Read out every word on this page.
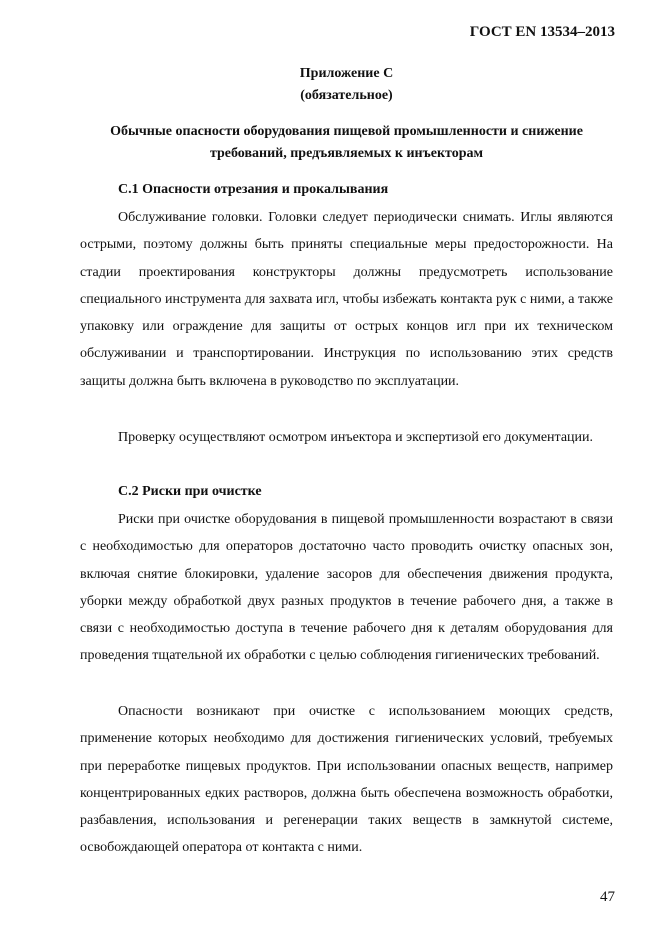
ГОСТ EN 13534–2013
Приложение С
(обязательное)
Обычные опасности оборудования пищевой промышленности и снижение
требований, предъявляемых к инъекторам
С.1 Опасности отрезания и прокалывания

Обслуживание головки. Головки следует периодически снимать. Иглы являются острыми, поэтому должны быть приняты специальные меры предосторожности. На стадии проектирования конструкторы должны предусмотреть использование специального инструмента для захвата игл, чтобы избежать контакта рук с ними, а также упаковку или ограждение для защиты от острых концов игл при их техническом обслуживании и транспортировании. Инструкция по использованию этих средств защиты должна быть включена в руководство по эксплуатации.

Проверку осуществляют осмотром инъектора и экспертизой его документации.

С.2 Риски при очистке

Риски при очистке оборудования в пищевой промышленности возрастают в связи с необходимостью для операторов достаточно часто проводить очистку опасных зон, включая снятие блокировки, удаление засоров для обеспечения движения продукта, уборки между обработкой двух разных продуктов в течение рабочего дня, а также в связи с необходимостью доступа в течение рабочего дня к деталям оборудования для проведения тщательной их обработки с целью соблюдения гигиенических требований.

Опасности возникают при очистке с использованием моющих средств, применение которых необходимо для достижения гигиенических условий, требуемых при переработке пищевых продуктов. При использовании опасных веществ, например концентрированных едких растворов, должна быть обеспечена возможность обработки, разбавления, использования и регенерации таких веществ в замкнутой системе, освобождающей оператора от контакта с ними.

47
